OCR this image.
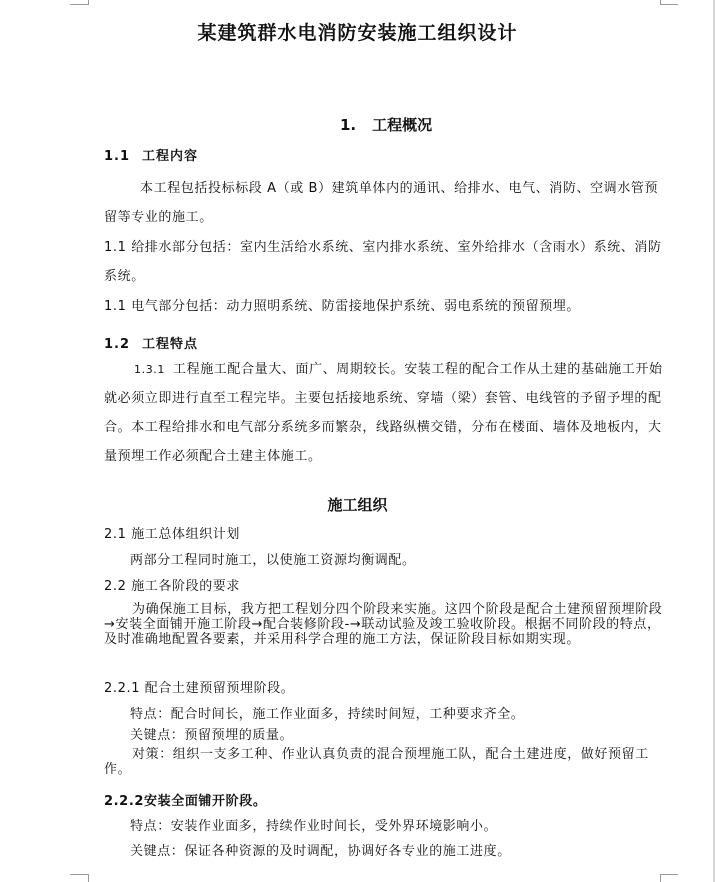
某建筑群水电消防安装施工组织设计
1. 工程概况
1.1 工程内容
本工程包括投标标段 A（或 B）建筑单体内的通讯、给排水、电气、消防、空调水管预留等专业的施工。
1.1 给排水部分包括：室内生活给水系统、室内排水系统、室外给排水（含雨水）系统、消防系统。
1.1 电气部分包括：动力照明系统、防雷接地保护系统、弱电系统的预留预埋。
1.2 工程特点
1.3.1 工程施工配合量大、面广、周期较长。安装工程的配合工作从土建的基础施工开始就必须立即进行直至工程完毕。主要包括接地系统、穿墙（梁）套管、电线管的予留予埋的配合。本工程给排水和电气部分系统多而繁杂，线路纵横交错，分布在楼面、墙体及地板内，大量预埋工作必须配合土建主体施工。
施工组织
2.1 施工总体组织计划
两部分工程同时施工，以使施工资源均衡调配。
2.2 施工各阶段的要求
为确保施工目标，我方把工程划分四个阶段来实施。这四个阶段是配合土建预留预埋阶段→安装全面铺开施工阶段→配合装修阶段-→联动试验及竣工验收阶段。根据不同阶段的特点，及时准确地配置各要素，并采用科学合理的施工方法，保证阶段目标如期实现。
2.2.1 配合土建预留预埋阶段。
特点：配合时间长，施工作业面多，持续时间短，工种要求齐全。
关键点：预留预埋的质量。
对策：组织一支多工种、作业认真负责的混合预埋施工队，配合土建进度，做好预留工作。
2.2.2安装全面铺开阶段。
特点：安装作业面多，持续作业时间长，受外界环境影响小。
关键点：保证各种资源的及时调配，协调好各专业的施工进度。
